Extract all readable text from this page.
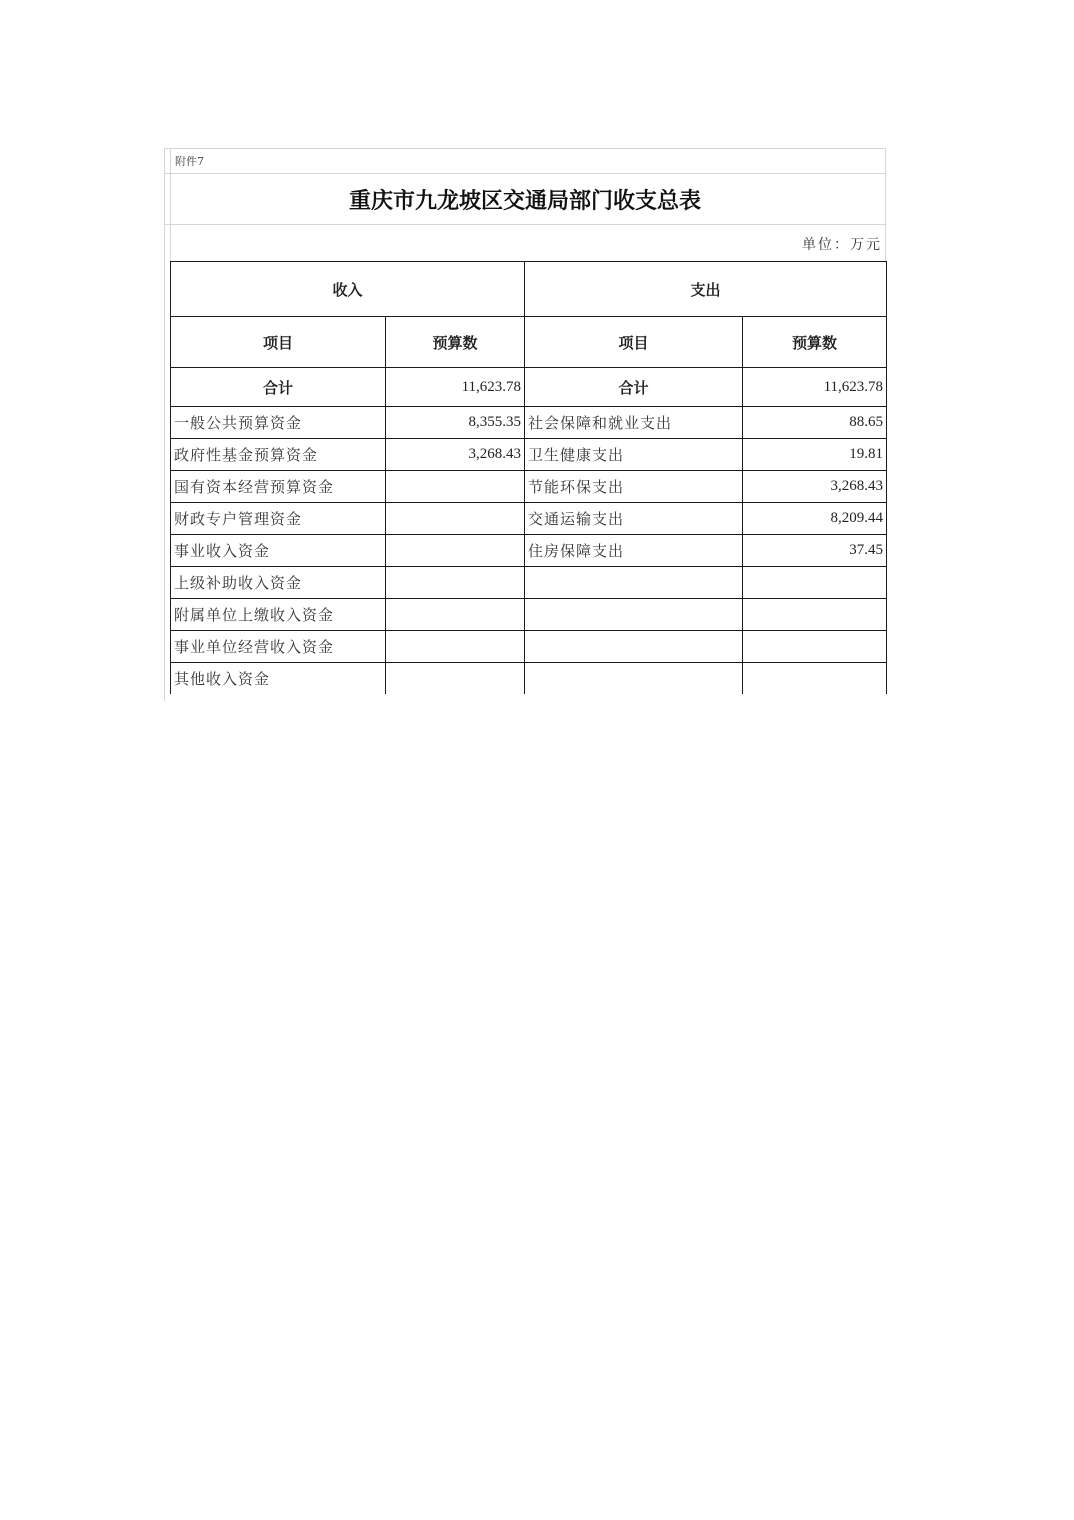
附件7
重庆市九龙坡区交通局部门收支总表
单位：万元
收入		支出	
项目	预算数	项目	预算数
合计	11,623.78	合计	11,623.78
一般公共预算资金	8,355.35	社会保障和就业支出	88.65
政府性基金预算资金	3,268.43	卫生健康支出	19.81
国有资本经营预算资金		节能环保支出	3,268.43
财政专户管理资金		交通运输支出	8,209.44
事业收入资金		住房保障支出	37.45
上级补助收入资金			
附属单位上缴收入资金			
事业单位经营收入资金			
其他收入资金			
